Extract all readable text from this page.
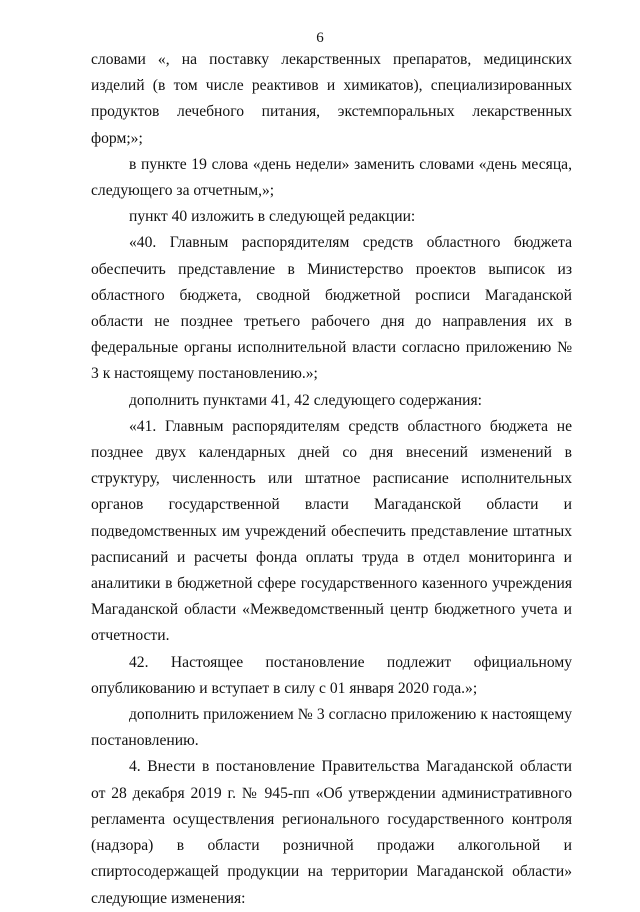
6

словами «, на поставку лекарственных препаратов, медицинских изделий (в том числе реактивов и химикатов), специализированных продуктов лечебного питания, экстемпоральных лекарственных форм;»;

в пункте 19 слова «день недели» заменить словами «день месяца, следующего за отчетным,»;

пункт 40 изложить в следующей редакции:

«40. Главным распорядителям средств областного бюджета обеспечить представление в Министерство проектов выписок из областного бюджета, сводной бюджетной росписи Магаданской области не позднее третьего рабочего дня до направления их в федеральные органы исполнительной власти согласно приложению № 3 к настоящему постановлению.»;

дополнить пунктами 41, 42 следующего содержания:

«41. Главным распорядителям средств областного бюджета не позднее двух календарных дней со дня внесений изменений в структуру, численность или штатное расписание исполнительных органов государственной власти Магаданской области и подведомственных им учреждений обеспечить представление штатных расписаний и расчеты фонда оплаты труда в отдел мониторинга и аналитики в бюджетной сфере государственного казенного учреждения Магаданской области «Межведомственный центр бюджетного учета и отчетности.

42. Настоящее постановление подлежит официальному опубликованию и вступает в силу с 01 января 2020 года.»;

дополнить приложением № 3 согласно приложению к настоящему постановлению.

4. Внести в постановление Правительства Магаданской области от 28 декабря 2019 г. № 945-пп «Об утверждении административного регламента осуществления регионального государственного контроля (надзора) в области розничной продажи алкогольной и спиртосодержащей продукции на территории Магаданской области» следующие изменения:
